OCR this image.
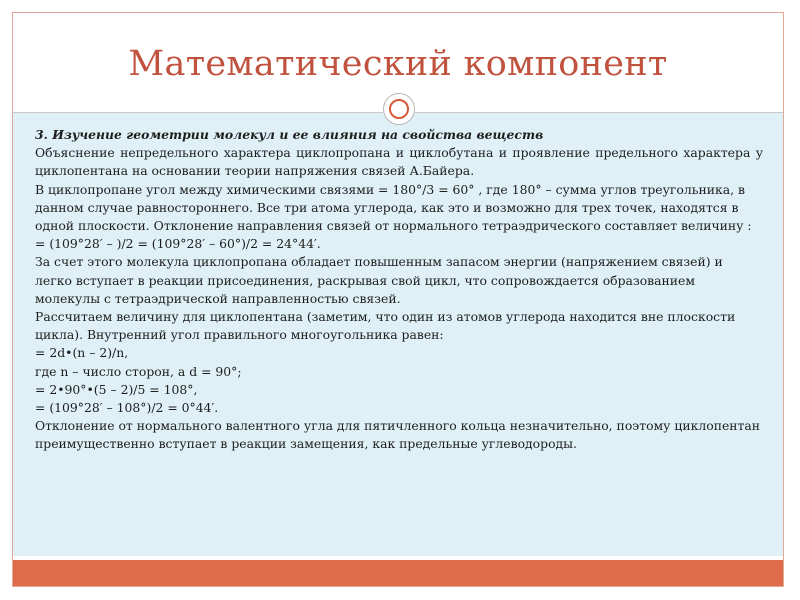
Математический компонент

3. Изучение геометрии молекул и ее влияния на свойства веществ

Объяснение непредельного характера циклопропана и циклобутана и проявление предельного характера у циклопентана на основании теории напряжения связей А.Байера.

В циклопропане угол между химическими связями = 180°/3 = 60° , где 180° – сумма углов треугольника, в данном случае равностороннего. Все три атома углерода, как это и возможно для трех точек, находятся в одной плоскости. Отклонение направления связей от нормального тетраэдрического составляет величину :

= (109°28′ – )/2 = (109°28′ – 60°)/2 = 24°44′.

За счет этого молекула циклопропана обладает повышенным запасом энергии (напряжением связей) и легко вступает в реакции присоединения, раскрывая свой цикл, что сопровождается образованием молекулы с тетраэдрической направленностью связей.

Рассчитаем величину для циклопентана (заметим, что один из атомов углерода находится вне плоскости цикла). Внутренний угол правильного многоугольника равен:

= 2d•(n – 2)/n,

где n – число сторон, а d = 90°;

= 2•90°•(5 – 2)/5 = 108°,

= (109°28′ – 108°)/2 = 0°44′.

Отклонение от нормального валентного угла для пятичленного кольца незначительно, поэтому циклопентан преимущественно вступает в реакции замещения, как предельные углеводороды.
